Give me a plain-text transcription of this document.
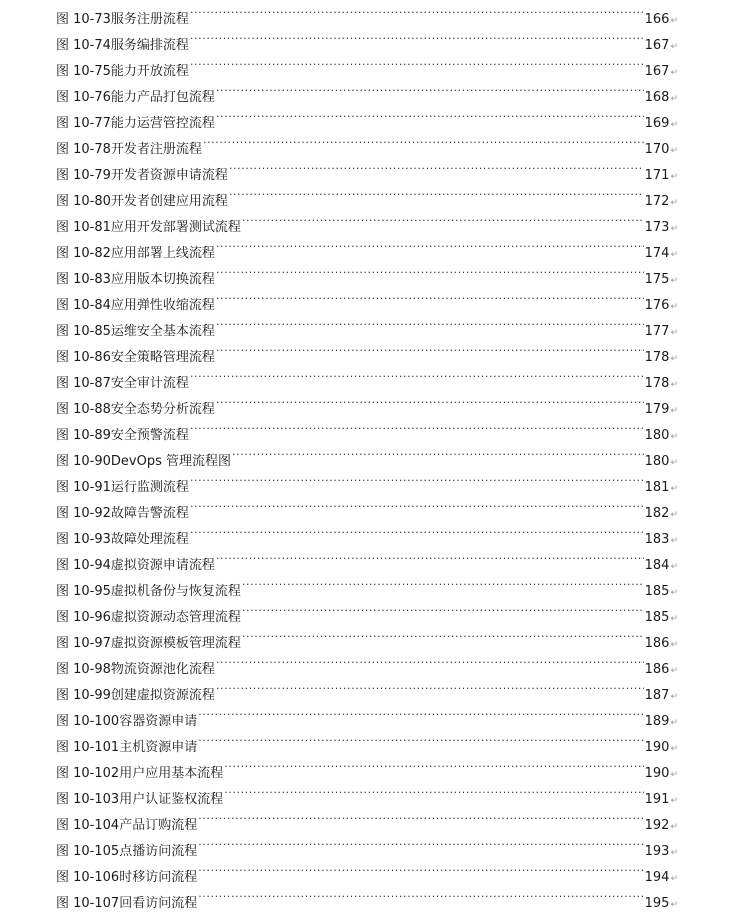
图 10-73 服务注册流程 .....	166 ↵
图 10-74 服务编排流程 .....	167 ↵
图 10-75 能力开放流程 .....	167 ↵
图 10-76 能力产品打包流程 .....	168 ↵
图 10-77 能力运营管控流程 .....	169 ↵
图 10-78 开发者注册流程 .....	170 ↵
图 10-79 开发者资源申请流程 .....	171 ↵
图 10-80 开发者创建应用流程 .....	172 ↵
图 10-81 应用开发部署测试流程 .....	173 ↵
图 10-82 应用部署上线流程 .....	174 ↵
图 10-83 应用版本切换流程 .....	175 ↵
图 10-84 应用弹性收缩流程 .....	176 ↵
图 10-85 运维安全基本流程 .....	177 ↵
图 10-86 安全策略管理流程 .....	178 ↵
图 10-87 安全审计流程 .....	178 ↵
图 10-88 安全态势分析流程 .....	179 ↵
图 10-89 安全预警流程 .....	180 ↵
图 10-90 DevOps 管理流程图 .....	180 ↵
图 10-91 运行监测流程 .....	181 ↵
图 10-92 故障告警流程 .....	182 ↵
图 10-93 故障处理流程 .....	183 ↵
图 10-94 虚拟资源申请流程 .....	184 ↵
图 10-95 虚拟机备份与恢复流程 .....	185 ↵
图 10-96 虚拟资源动态管理流程 .....	185 ↵
图 10-97 虚拟资源模板管理流程 .....	186 ↵
图 10-98 物流资源池化流程 .....	186 ↵
图 10-99 创建虚拟资源流程 .....	187 ↵
图 10-100 容器资源申请 .....	189 ↵
图 10-101 主机资源申请 .....	190 ↵
图 10-102 用户应用基本流程 .....	190 ↵
图 10-103 用户认证鉴权流程 .....	191 ↵
图 10-104 产品订购流程 .....	192 ↵
图 10-105 点播访问流程 .....	193 ↵
图 10-106 时移访问流程 .....	194 ↵
图 10-107 回看访问流程 .....	195 ↵
